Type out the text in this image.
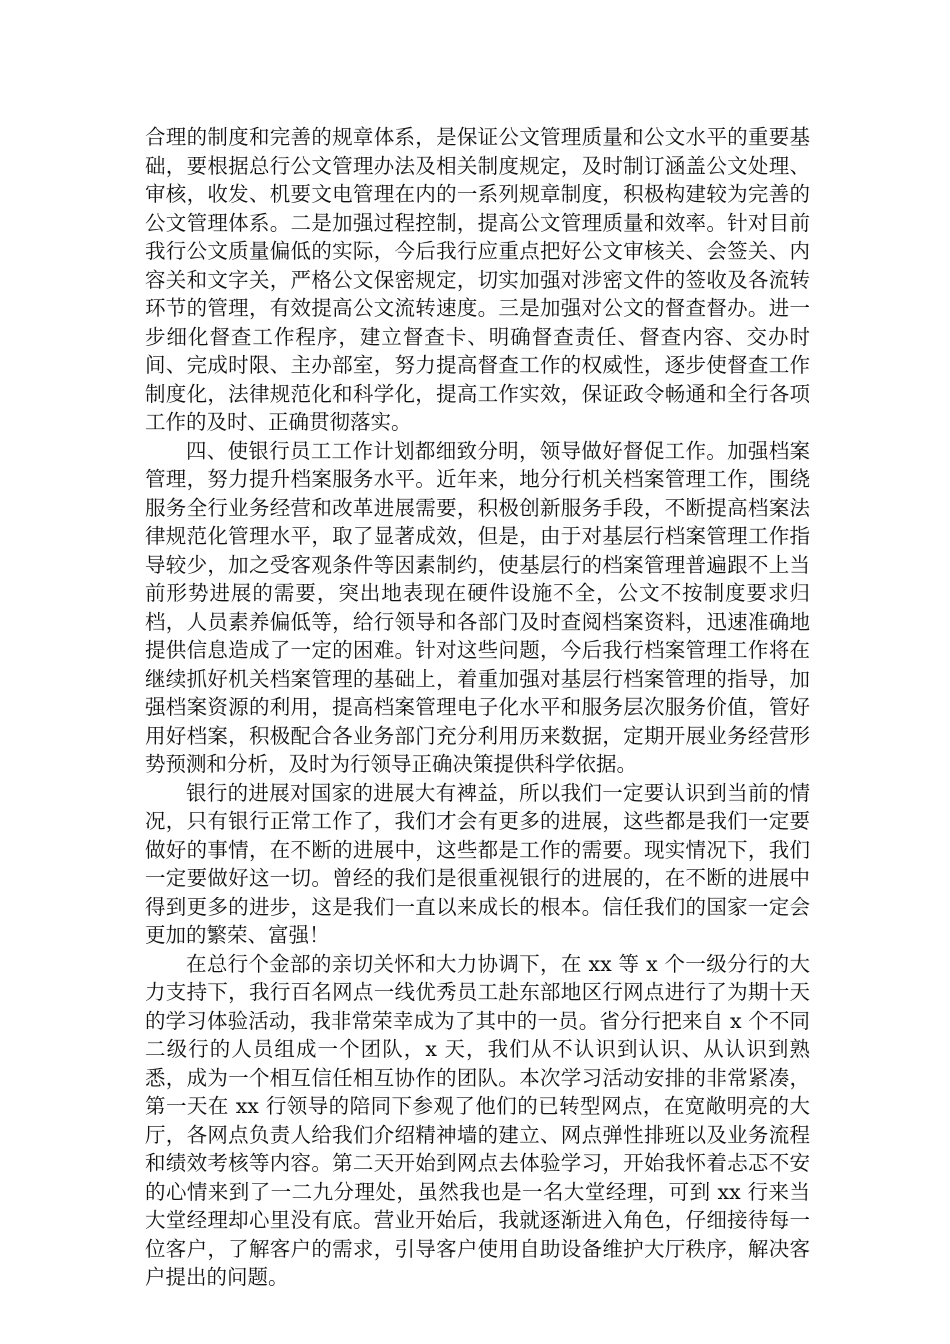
合理的制度和完善的规章体系，是保证公文管理质量和公文水平的重要基础，要根据总行公文管理办法及相关制度规定，及时制订涵盖公文处理、审核，收发、机要文电管理在内的一系列规章制度，积极构建较为完善的公文管理体系。二是加强过程控制，提高公文管理质量和效率。针对目前我行公文质量偏低的实际，今后我行应重点把好公文审核关、会签关、内容关和文字关，严格公文保密规定，切实加强对涉密文件的签收及各流转环节的管理，有效提高公文流转速度。三是加强对公文的督查督办。进一步细化督查工作程序，建立督查卡、明确督查责任、督查内容、交办时间、完成时限、主办部室，努力提高督查工作的权威性，逐步使督查工作制度化，法律规范化和科学化，提高工作实效，保证政令畅通和全行各项工作的及时、正确贯彻落实。

四、使银行员工工作计划都细致分明，领导做好督促工作。加强档案管理，努力提升档案服务水平。近年来，地分行机关档案管理工作，围绕服务全行业务经营和改革进展需要，积极创新服务手段，不断提高档案法律规范化管理水平，取了显著成效，但是，由于对基层行档案管理工作指导较少，加之受客观条件等因素制约，使基层行的档案管理普遍跟不上当前形势进展的需要，突出地表现在硬件设施不全，公文不按制度要求归档，人员素养偏低等，给行领导和各部门及时查阅档案资料，迅速准确地提供信息造成了一定的困难。针对这些问题，今后我行档案管理工作将在继续抓好机关档案管理的基础上，着重加强对基层行档案管理的指导，加强档案资源的利用，提高档案管理电子化水平和服务层次服务价值，管好用好档案，积极配合各业务部门充分利用历来数据，定期开展业务经营形势预测和分析，及时为行领导正确决策提供科学依据。

银行的进展对国家的进展大有裨益，所以我们一定要认识到当前的情况，只有银行正常工作了，我们才会有更多的进展，这些都是我们一定要做好的事情，在不断的进展中，这些都是工作的需要。现实情况下，我们一定要做好这一切。曾经的我们是很重视银行的进展的，在不断的进展中得到更多的进步，这是我们一直以来成长的根本。信任我们的国家一定会更加的繁荣、富强！

在总行个金部的亲切关怀和大力协调下，在 xx 等 x 个一级分行的大力支持下，我行百名网点一线优秀员工赴东部地区行网点进行了为期十天的学习体验活动，我非常荣幸成为了其中的一员。省分行把来自 x 个不同二级行的人员组成一个团队，x 天，我们从不认识到认识、从认识到熟悉，成为一个相互信任相互协作的团队。本次学习活动安排的非常紧凑，第一天在 xx 行领导的陪同下参观了他们的已转型网点，在宽敞明亮的大厅，各网点负责人给我们介绍精神墙的建立、网点弹性排班以及业务流程和绩效考核等内容。第二天开始到网点去体验学习，开始我怀着忐忑不安的心情来到了一二九分理处，虽然我也是一名大堂经理，可到 xx 行来当大堂经理却心里没有底。营业开始后，我就逐渐进入角色，仔细接待每一位客户，了解客户的需求，引导客户使用自助设备维护大厅秩序，解决客户提出的问题。
